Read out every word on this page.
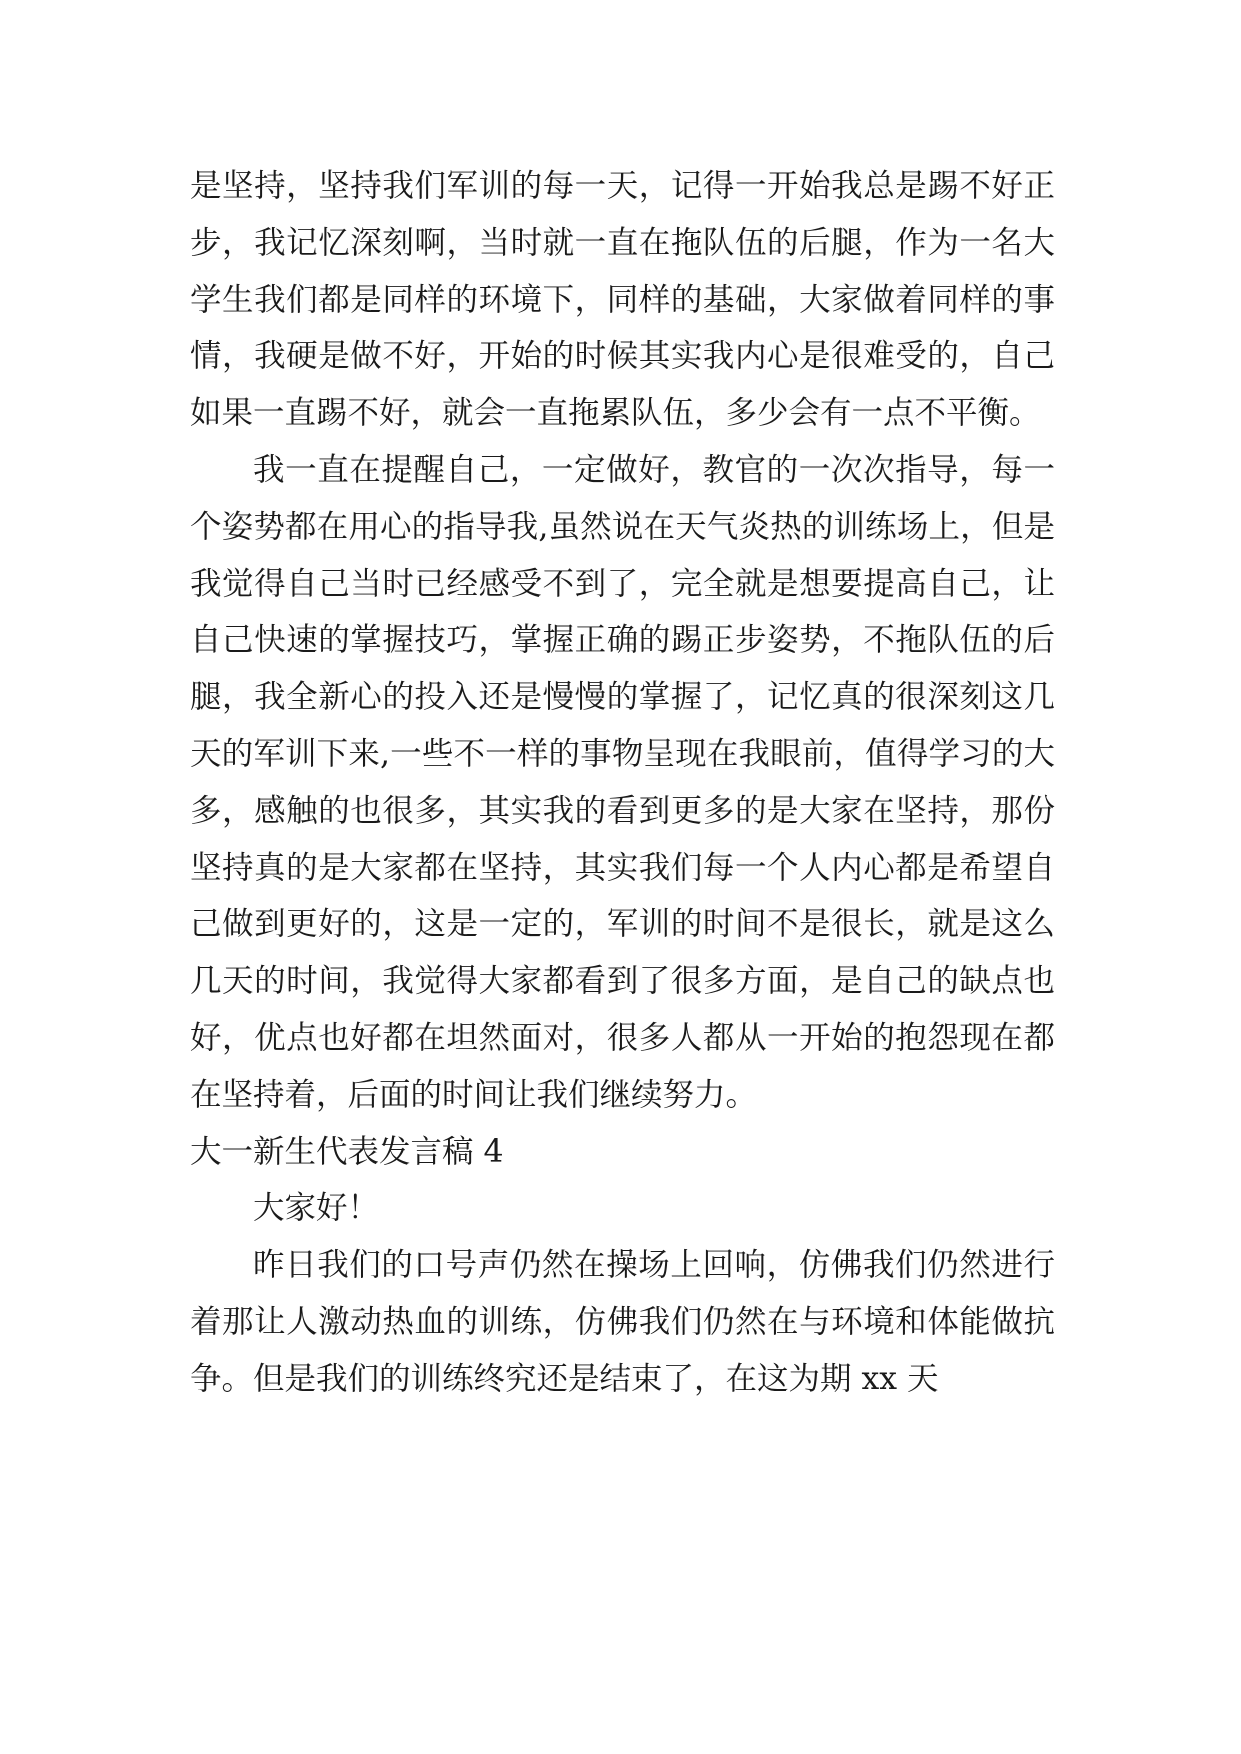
是坚持，坚持我们军训的每一天，记得一开始我总是踢不好正步，我记忆深刻啊，当时就一直在拖队伍的后腿，作为一名大学生我们都是同样的环境下，同样的基础，大家做着同样的事情，我硬是做不好，开始的时候其实我内心是很难受的，自己如果一直踢不好，就会一直拖累队伍，多少会有一点不平衡。

我一直在提醒自己，一定做好，教官的一次次指导，每一个姿势都在用心的指导我,虽然说在天气炎热的训练场上，但是我觉得自己当时已经感受不到了，完全就是想要提高自己，让自己快速的掌握技巧，掌握正确的踢正步姿势，不拖队伍的后腿，我全新心的投入还是慢慢的掌握了，记忆真的很深刻这几天的军训下来,一些不一样的事物呈现在我眼前，值得学习的大多，感触的也很多，其实我的看到更多的是大家在坚持，那份坚持真的是大家都在坚持，其实我们每一个人内心都是希望自己做到更好的，这是一定的，军训的时间不是很长，就是这么几天的时间，我觉得大家都看到了很多方面，是自己的缺点也好，优点也好都在坦然面对，很多人都从一开始的抱怨现在都在坚持着，后面的时间让我们继续努力。

大一新生代表发言稿 4

大家好！

昨日我们的口号声仍然在操场上回响，仿佛我们仍然进行着那让人激动热血的训练，仿佛我们仍然在与环境和体能做抗争。但是我们的训练终究还是结束了，在这为期 xx 天
